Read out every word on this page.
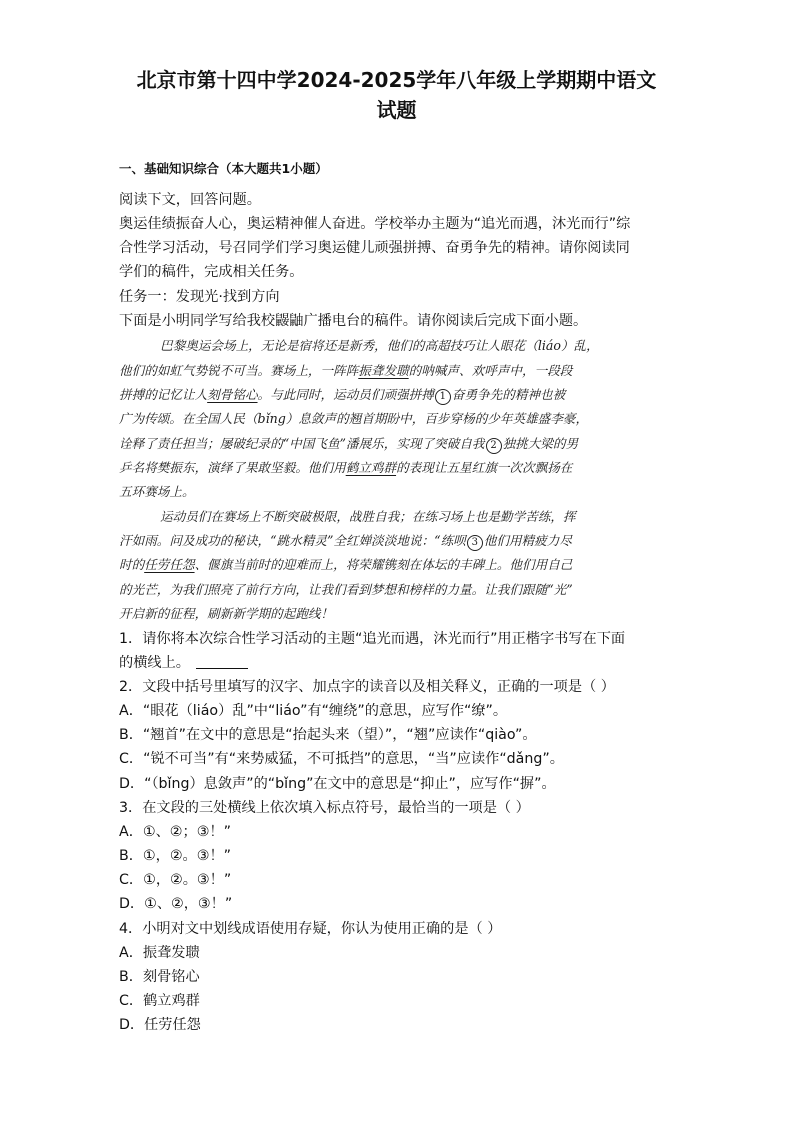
北京市第十四中学2024-2025学年八年级上学期期中语文
试题

一、基础知识综合（本大题共1小题）

阅读下文，回答问题。

奥运佳绩振奋人心，奥运精神催人奋进。学校举办主题为“追光而遇，沐光而行”综

合性学习活动，号召同学们学习奥运健儿顽强拼搏、奋勇争先的精神。请你阅读同

学们的稿件，完成相关任务。

任务一：发现光·找到方向

下面是小明同学写给我校鼹鼬广播电台的稿件。请你阅读后完成下面小题。

巴黎奥运会场上，无论是宿将还是新秀，他们的高超技巧让人眼花（liáo）乱，

他们的如虹气势锐不可当。赛场上，一阵阵振聋发聩的呐喊声、欢呼声中，一段段

拼搏的记忆让人刻骨铭心。与此同时，运动员们顽强拼搏 1 奋勇争先的精神也被

广为传颂。在全国人民（bǐng）息敛声的翘首期盼中，百步穿杨的少年英雄盛李豪，

诠释了责任担当；屡破纪录的“中国飞鱼”潘展乐，实现了突破自我 2 独挑大梁的男

乒名将樊振东，演绎了果敢坚毅。他们用鹤立鸡群的表现让五星红旗一次次飘扬在

五环赛场上。

运动员们在赛场上不断突破极限，战胜自我；在练习场上也是勤学苦练，挥

汗如雨。问及成功的秘诀，“跳水精灵”全红婵淡淡地说：“练呗 3 他们用精疲力尽

时的任劳任怨、偃旗当前时的迎难而上，将荣耀镌刻在体坛的丰碑上。他们用自己

的光芒，为我们照亮了前行方向，让我们看到梦想和榜样的力量。让我们跟随“光”

开启新的征程，刷新新学期的起跑线！

1．请你将本次综合性学习活动的主题“追光而遇，沐光而行”用正楷字书写在下面

的横线上。

2．文段中括号里填写的汉字、加点字的读音以及相关释义，正确的一项是（ ）

A．“眼花（liáo）乱”中“liáo”有“缠绕”的意思，应写作“缭”。

B．“翘首”在文中的意思是“抬起头来（望）”，“翘”应读作“qiào”。

C．“锐不可当”有“来势威猛，不可抵挡”的意思，“当”应读作“dǎng”。

D．“（bǐng）息敛声”的“bǐng”在文中的意思是“抑止”，应写作“摒”。

3．在文段的三处横线上依次填入标点符号，最恰当的一项是（ ）

A．①、②；③！”

B．①，②。③！”

C．①，②。③！”

D．①、②，③！”

4．小明对文中划线成语使用存疑，你认为使用正确的是（ ）

A．振聋发聩

B．刻骨铭心

C．鹤立鸡群

D．任劳任怨
